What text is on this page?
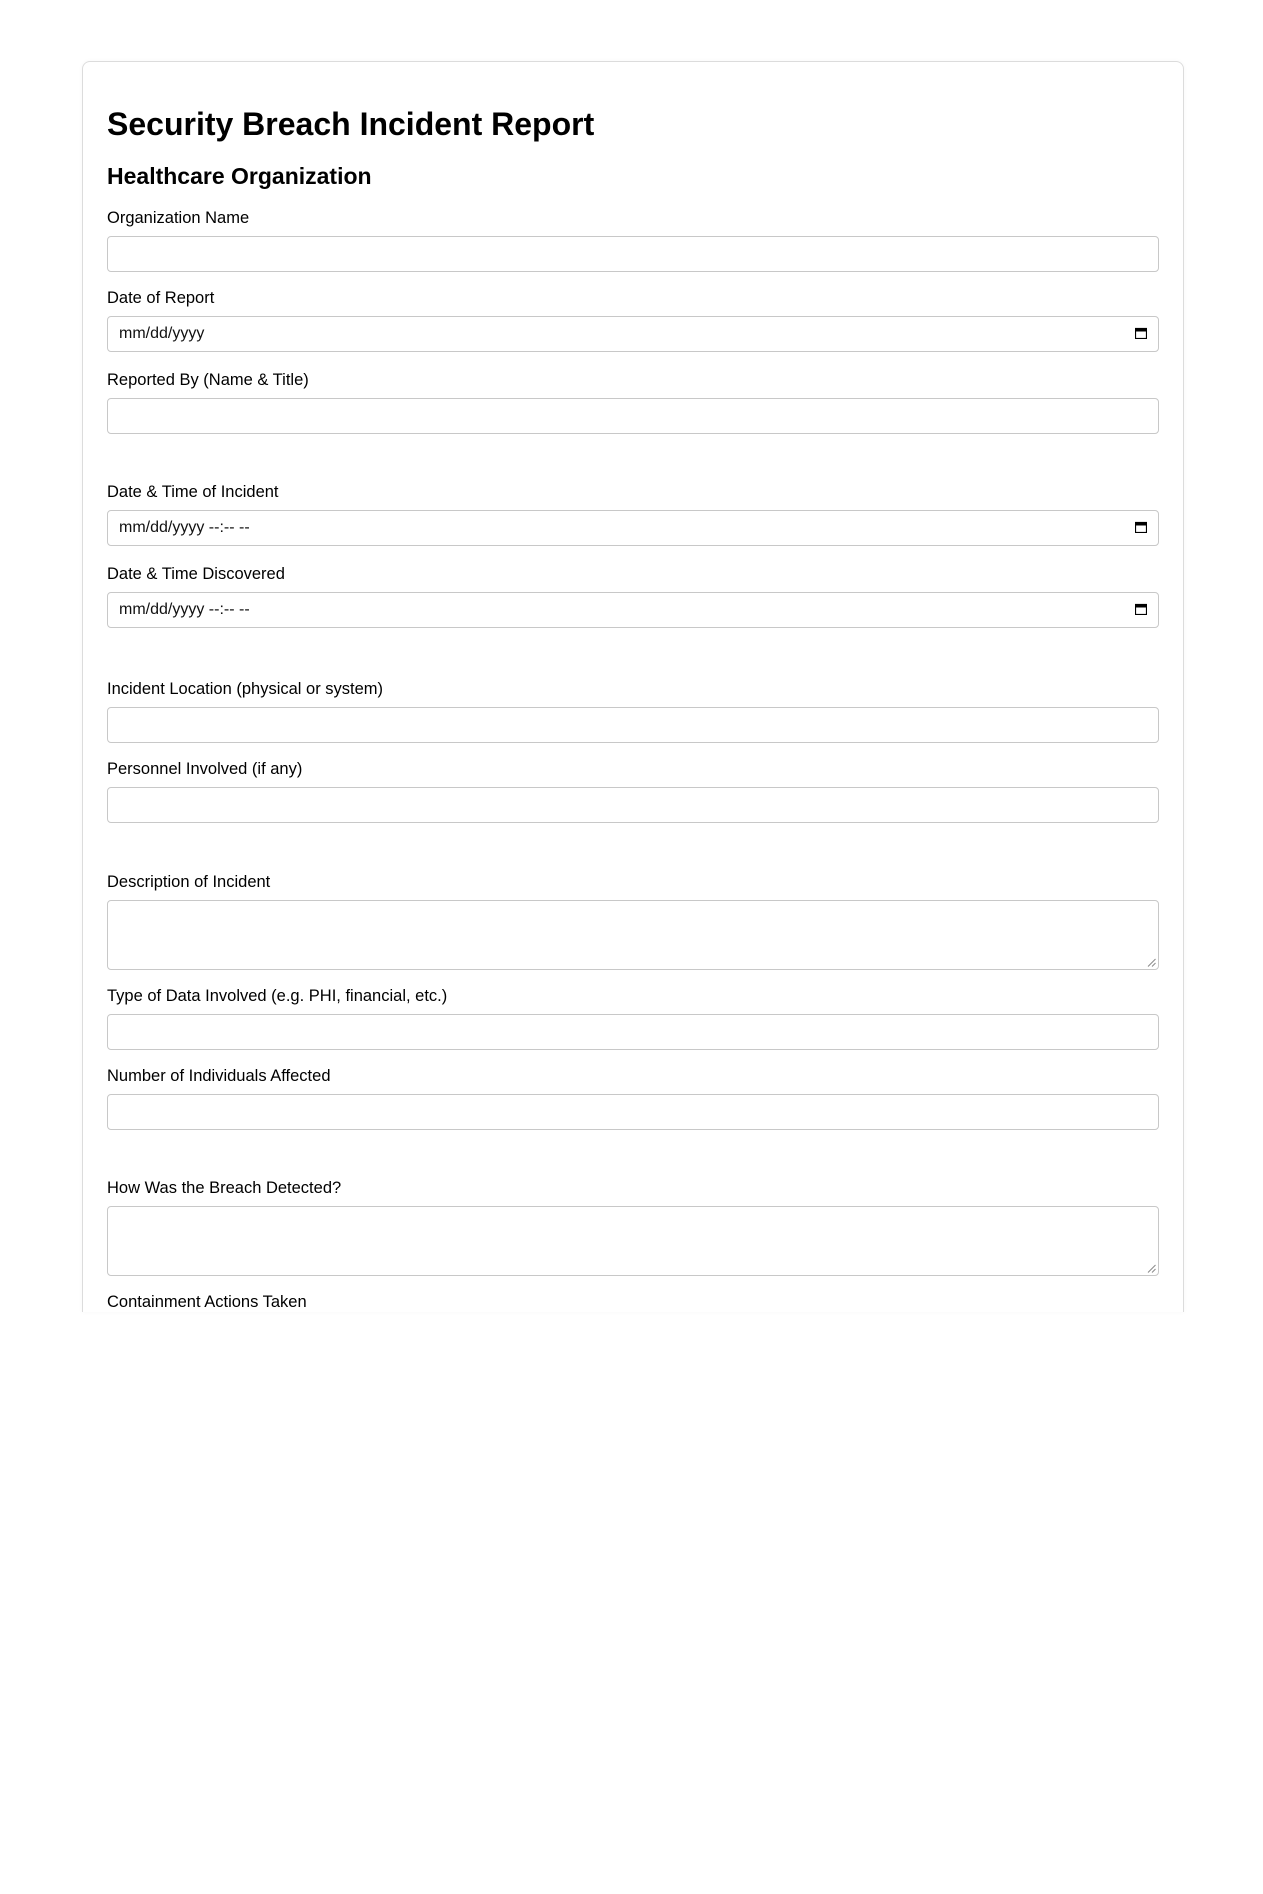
Security Breach Incident Report
Healthcare Organization
Organization Name
Date of Report
mm/dd/yyyy
Reported By (Name & Title)
Date & Time of Incident
mm/dd/yyyy --:-- --
Date & Time Discovered
mm/dd/yyyy --:-- --
Incident Location (physical or system)
Personnel Involved (if any)
Description of Incident
Type of Data Involved (e.g. PHI, financial, etc.)
Number of Individuals Affected
How Was the Breach Detected?
Containment Actions Taken
